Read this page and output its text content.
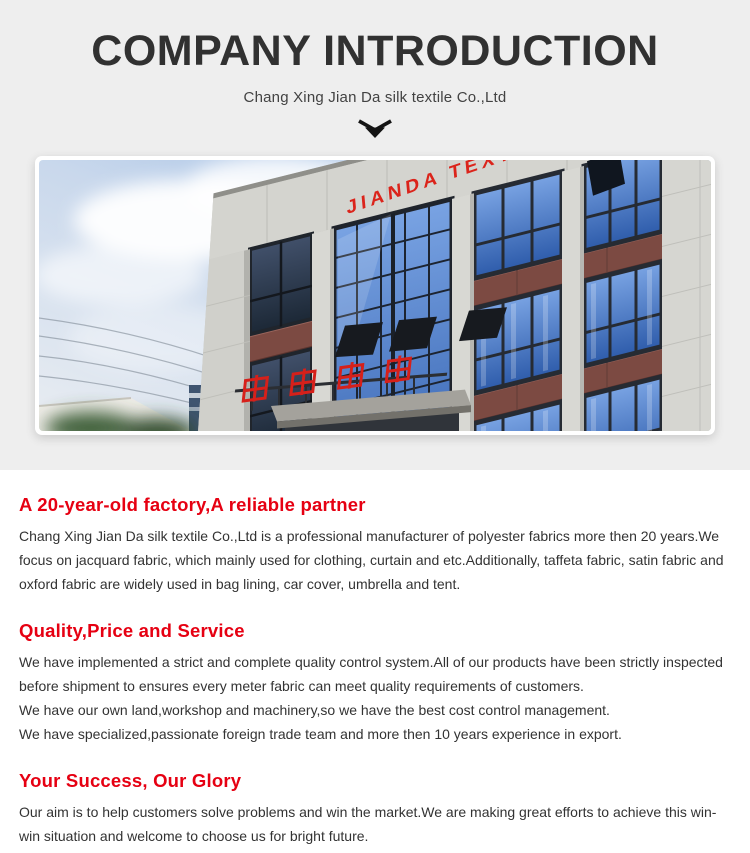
COMPANY INTRODUCTION
Chang Xing Jian Da silk textile Co.,Ltd
A 20-year-old factory,A reliable partner

Chang Xing Jian Da silk textile Co.,Ltd is a professional manufacturer of polyester fabrics more then 20 years.We focus on jacquard fabric, which mainly used for clothing, curtain and etc.Additionally, taffeta fabric, satin fabric and oxford fabric are widely used in bag lining, car cover, umbrella and tent.

Quality,Price and Service

We have implemented a strict and complete quality control system.All of our products have been strictly inspected before shipment to ensures every meter fabric can meet quality requirements of customers.

We have our own land,workshop and machinery,so we have the best cost control management.

We have specialized,passionate foreign trade team and more then 10 years experience in export.

Your Success, Our Glory

Our aim is to help customers solve problems and win the market.We are making great efforts to achieve this win-win situation and welcome to choose us for bright future.
